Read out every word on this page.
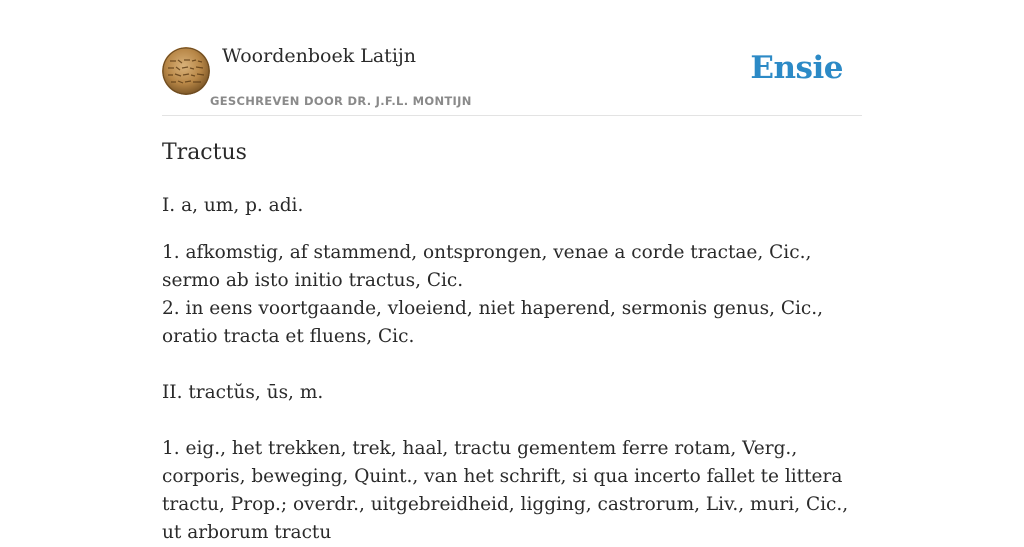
Woordenboek Latijn
GESCHREVEN DOOR DR. J.F.L. MONTIJN
Ensie
Tractus

I. a, um, p. adi.

1. afkomstig, af stammend, ontsprongen, venae a corde tractae, Cic., sermo ab isto initio tractus, Cic.

2. in eens voortgaande, vloeiend, niet haperend, sermonis genus, Cic., oratio tracta et fluens, Cic.

II. tractŭs, ūs, m.

1. eig., het trekken, trek, haal, tractu gementem ferre rotam, Verg., corporis, beweging, Quint., van het schrift, si qua incerto fallet te littera tractu, Prop.; overdr., uitgebreidheid, ligging, castrorum, Liv., muri, Cic., ut arborum tractu
